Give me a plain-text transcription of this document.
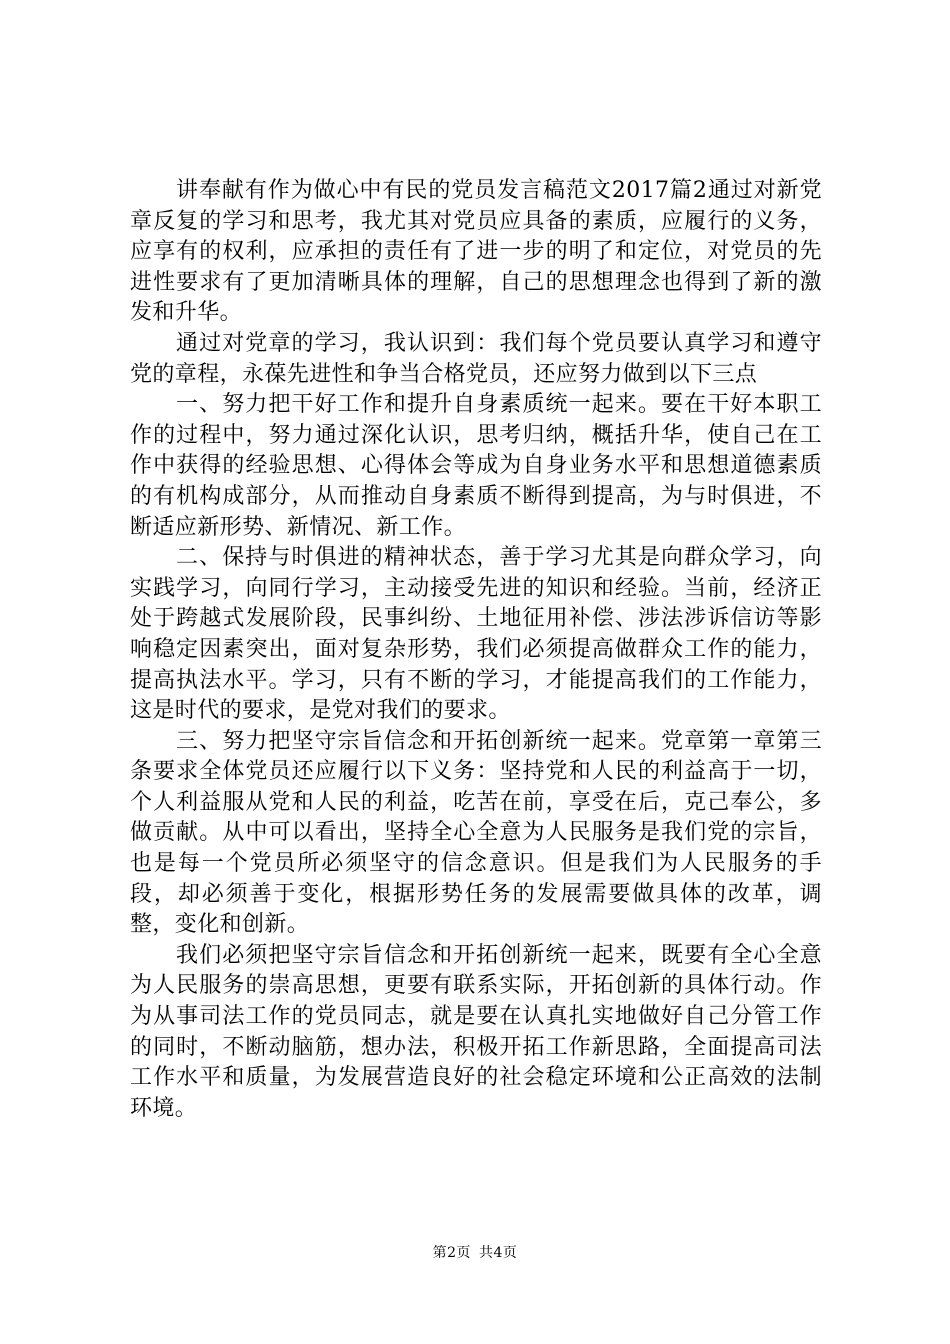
讲奉献有作为做心中有民的党员发言稿范文2017篇2通过对新党章反复的学习和思考，我尤其对党员应具备的素质，应履行的义务，应享有的权利，应承担的责任有了进一步的明了和定位，对党员的先进性要求有了更加清晰具体的理解，自己的思想理念也得到了新的激发和升华。

通过对党章的学习，我认识到：我们每个党员要认真学习和遵守党的章程，永葆先进性和争当合格党员，还应努力做到以下三点

一、努力把干好工作和提升自身素质统一起来。要在干好本职工作的过程中，努力通过深化认识，思考归纳，概括升华，使自己在工作中获得的经验思想、心得体会等成为自身业务水平和思想道德素质的有机构成部分，从而推动自身素质不断得到提高，为与时俱进，不断适应新形势、新情况、新工作。

二、保持与时俱进的精神状态，善于学习尤其是向群众学习，向实践学习，向同行学习，主动接受先进的知识和经验。当前，经济正处于跨越式发展阶段，民事纠纷、土地征用补偿、涉法涉诉信访等影响稳定因素突出，面对复杂形势，我们必须提高做群众工作的能力，提高执法水平。学习，只有不断的学习，才能提高我们的工作能力，这是时代的要求，是党对我们的要求。

三、努力把坚守宗旨信念和开拓创新统一起来。党章第一章第三条要求全体党员还应履行以下义务：坚持党和人民的利益高于一切，个人利益服从党和人民的利益，吃苦在前，享受在后，克己奉公，多做贡献。从中可以看出，坚持全心全意为人民服务是我们党的宗旨，也是每一个党员所必须坚守的信念意识。但是我们为人民服务的手段，却必须善于变化，根据形势任务的发展需要做具体的改革，调整，变化和创新。

我们必须把坚守宗旨信念和开拓创新统一起来，既要有全心全意为人民服务的崇高思想，更要有联系实际，开拓创新的具体行动。作为从事司法工作的党员同志，就是要在认真扎实地做好自己分管工作的同时，不断动脑筋，想办法，积极开拓工作新思路，全面提高司法工作水平和质量，为发展营造良好的社会稳定环境和公正高效的法制环境。

第2页 共4页
